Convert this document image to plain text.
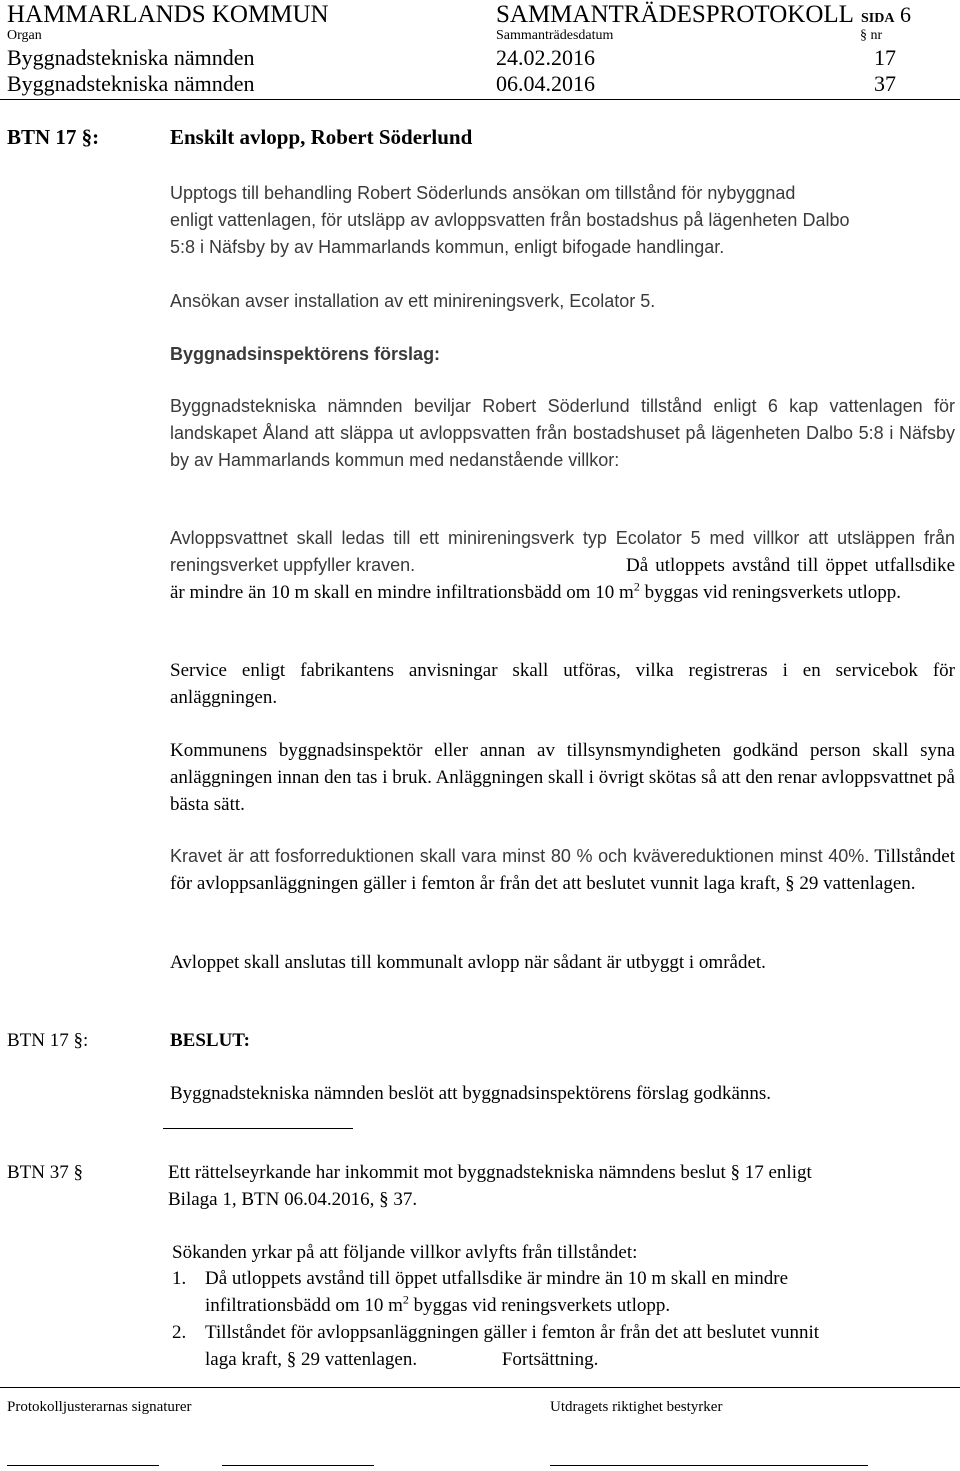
HAMMARLANDS KOMMUN	SAMMANTRÄDESPROTOKOLL SIDA 6
Organ	Sammanträdesdatum	§ nr
Byggnadstekniska nämnden	24.02.2016	17
Byggnadstekniska nämnden	06.04.2016	37
BTN 17 §:	Enskilt avlopp, Robert Söderlund
Upptogs till behandling Robert Söderlunds ansökan om tillstånd för nybyggnad
enligt vattenlagen, för utsläpp av avloppsvatten från bostadshus på lägenheten Dalbo
5:8 i Näfsby by av Hammarlands kommun, enligt bifogade handlingar.
Ansökan avser installation av ett minireningsverk, Ecolator 5.
Byggnadsinspektörens förslag:

Byggnadstekniska nämnden beviljar Robert Söderlund tillstånd enligt 6 kap vattenlagen för landskapet Åland att släppa ut avloppsvatten från bostadshuset på lägenheten Dalbo 5:8 i Näfsby by av Hammarlands kommun med nedanstående villkor:

Avloppsvattnet skall ledas till ett minireningsverk typ Ecolator 5 med villkor att utsläppen från reningsverket uppfyller kraven.	Då utloppets avstånd till öppet utfallsdike är mindre än 10 m skall en mindre infiltrationsbädd om 10 $m^2$ byggas vid reningsverkets utlopp.

Service enligt fabrikantens anvisningar skall utföras, vilka registreras i en servicebok för anläggningen.

Kommunens byggnadsinspektör eller annan av tillsynsmyndigheten godkänd person skall syna anläggningen innan den tas i bruk. Anläggningen skall i övrigt skötas så att den renar avloppsvattnet på bästa sätt.

Kravet är att fosforreduktionen skall vara minst 80 % och kvävereduktionen minst 40%. Tillståndet för avloppsanläggningen gäller i femton år från det att beslutet vunnit laga kraft, § 29 vattenlagen.

Avloppet skall anslutas till kommunalt avlopp när sådant är utbyggt i området.
BTN 17 §:	BESLUT:
Byggnadstekniska nämnden beslöt att byggnadsinspektörens förslag godkänns.
BTN 37 §	Ett rättelseyrkande har inkommit mot byggnadstekniska nämndens beslut § 17 enligt
Bilaga 1, BTN 06.04.2016, § 37.
Sökanden yrkar på att följande villkor avlyfts från tillståndet:
1. Då utloppets avstånd till öppet utfallsdike är mindre än 10 m skall en mindre
infiltrationsbädd om 10 $m^2$ byggas vid reningsverkets utlopp.
2. Tillståndet för avloppsanläggningen gäller i femton år från det att beslutet vunnit
laga kraft, § 29 vattenlagen.	Fortsättning.
Protokolljusterarnas signaturer	Utdragets riktighet bestyrker
